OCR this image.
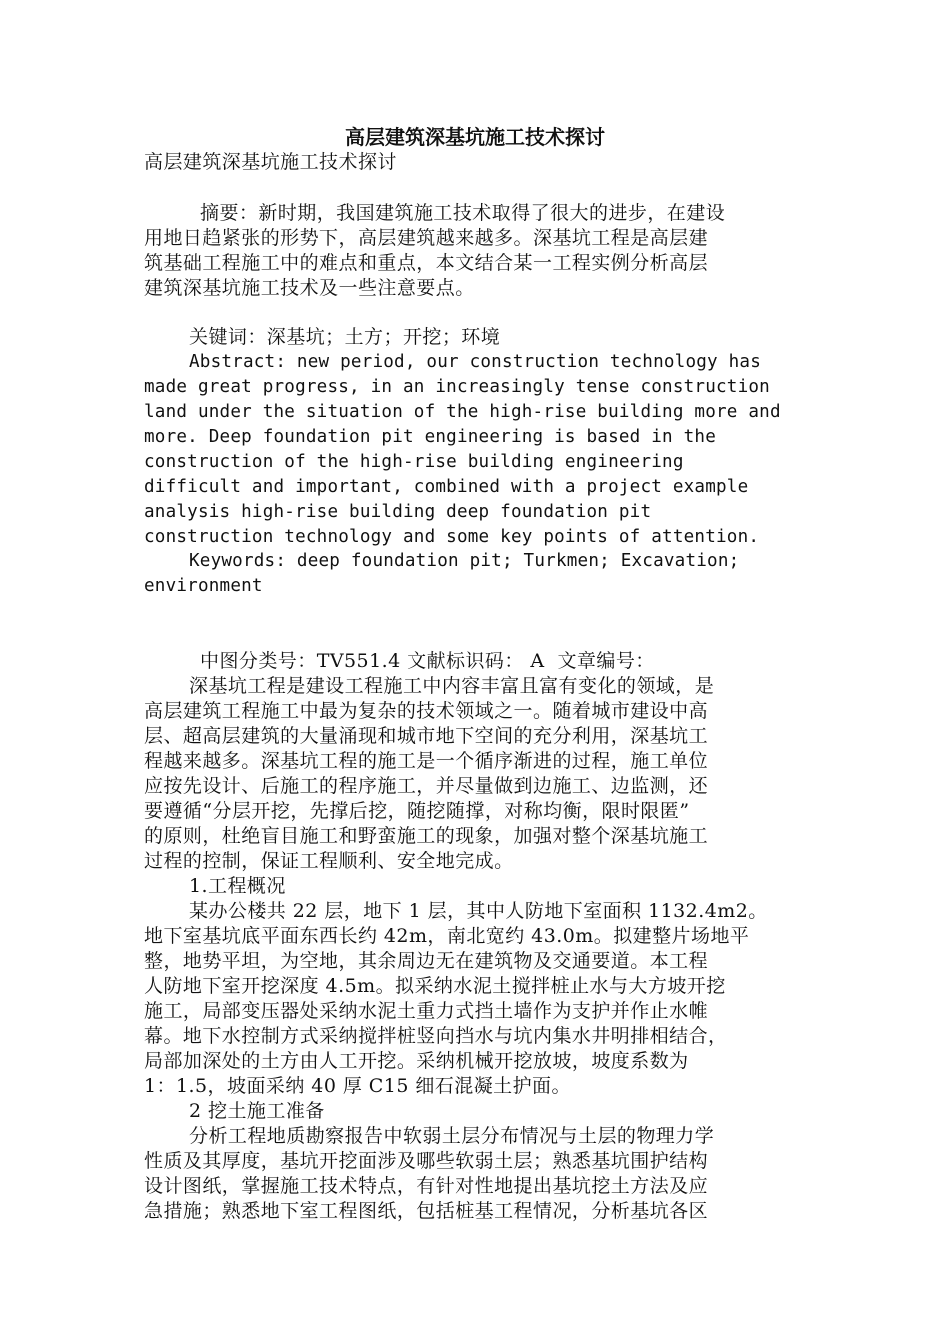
高层建筑深基坑施工技术探讨
高层建筑深基坑施工技术探讨
摘要：新时期，我国建筑施工技术取得了很大的进步，在建设
用地日趋紧张的形势下，高层建筑越来越多。深基坑工程是高层建
筑基础工程施工中的难点和重点，本文结合某一工程实例分析高层
建筑深基坑施工技术及一些注意要点。
关键词：深基坑；土方；开挖；环境
Abstract: new period, our construction technology has
made great progress, in an increasingly tense construction
land under the situation of the high-rise building more and
more. Deep foundation pit engineering is based in the
construction of the high-rise building engineering
difficult and important, combined with a project example
analysis high-rise building deep foundation pit
construction technology and some key points of attention.
Keywords: deep foundation pit; Turkmen; Excavation;
environment
中图分类号：TV551.4 文献标识码： A  文章编号：
深基坑工程是建设工程施工中内容丰富且富有变化的领域，是
高层建筑工程施工中最为复杂的技术领域之一。随着城市建设中高
层、超高层建筑的大量涌现和城市地下空间的充分利用，深基坑工
程越来越多。深基坑工程的施工是一个循序渐进的过程，施工单位
应按先设计、后施工的程序施工，并尽量做到边施工、边监测，还
要遵循“分层开挖，先撑后挖，随挖随撑，对称均衡，限时限匿”
的原则，杜绝盲目施工和野蛮施工的现象，加强对整个深基坑施工
过程的控制，保证工程顺利、安全地完成。
1.工程概况
某办公楼共 22 层，地下 1 层，其中人防地下室面积 1132.4m2。
地下室基坑底平面东西长约 42m，南北宽约 43.0m。拟建整片场地平
整，地势平坦，为空地，其余周边无在建筑物及交通要道。本工程
人防地下室开挖深度 4.5m。拟采纳水泥土搅拌桩止水与大方坡开挖
施工，局部变压器处采纳水泥土重力式挡土墙作为支护并作止水帷
幕。地下水控制方式采纳搅拌桩竖向挡水与坑内集水井明排相结合，
局部加深处的土方由人工开挖。采纳机械开挖放坡，坡度系数为
1：1.5，坡面采纳 40 厚 C15 细石混凝土护面。
2 挖土施工准备
分析工程地质勘察报告中软弱土层分布情况与土层的物理力学
性质及其厚度，基坑开挖面涉及哪些软弱土层；熟悉基坑围护结构
设计图纸，掌握施工技术特点，有针对性地提出基坑挖土方法及应
急措施；熟悉地下室工程图纸，包括桩基工程情况，分析基坑各区
